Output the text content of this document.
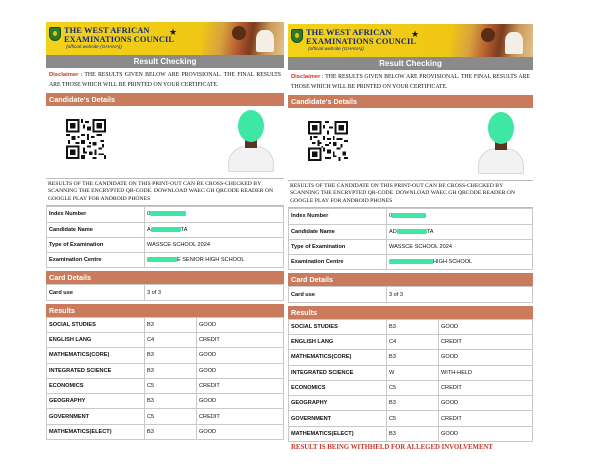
THE WEST AFRICAN
EXAMINATIONS COUNCIL
(official website (GHANA))
★
Result Checking
Disclaimer : THE RESULTS GIVEN BELOW ARE PROVISIONAL. THE FINAL RESULTS ARE THOSE WHICH WILL BE PRINTED ON YOUR CERTIFICATE.
Candidate's Details
RESULTS OF THE CANDIDATE ON THIS PRINT-OUT CAN BE CROSS-CHECKED BY SCANNING THE ENCRYPTED QR-CODE. DOWNLOAD WAEC GH QRCODE READER ON GOOGLE PLAY FOR ANDROID PHONES
Index Number	0
Candidate Name	A TA
Type of Examination	WASSCE SCHOOL 2024
Examination Centre	E SENIOR HIGH SCHOOL
Card Details
Card use	3 of 3
Results
SOCIAL STUDIES	B3	GOOD
ENGLISH LANG	C4	CREDIT
MATHEMATICS(CORE)	B3	GOOD
INTEGRATED SCIENCE	B3	GOOD
ECONOMICS	C5	CREDIT
GEOGRAPHY	B3	GOOD
GOVERNMENT	C5	CREDIT
MATHEMATICS(ELECT)	B3	GOOD
THE WEST AFRICAN
EXAMINATIONS COUNCIL
(official website (GHANA))
★
Result Checking
Disclaimer : THE RESULTS GIVEN BELOW ARE PROVISIONAL. THE FINAL RESULTS ARE THOSE WHICH WILL BE PRINTED ON YOUR CERTIFICATE.
Candidate's Details
RESULTS OF THE CANDIDATE ON THIS PRINT-OUT CAN BE CROSS-CHECKED BY SCANNING THE ENCRYPTED QR-CODE. DOWNLOAD WAEC GH QRCODE READER ON GOOGLE PLAY FOR ANDROID PHONES
Index Number	0
Candidate Name	AD TA
Type of Examination	WASSCE SCHOOL 2024
Examination Centre	HIGH SCHOOL
Card Details
Card use	3 of 3
Results
SOCIAL STUDIES	B3	GOOD
ENGLISH LANG	C4	CREDIT
MATHEMATICS(CORE)	B3	GOOD
INTEGRATED SCIENCE	W	WITH-HELD
ECONOMICS	C5	CREDIT
GEOGRAPHY	B3	GOOD
GOVERNMENT	C5	CREDIT
MATHEMATICS(ELECT)	B3	GOOD
RESULT IS BEING WITHHELD FOR ALLEGED INVOLVEMENT
